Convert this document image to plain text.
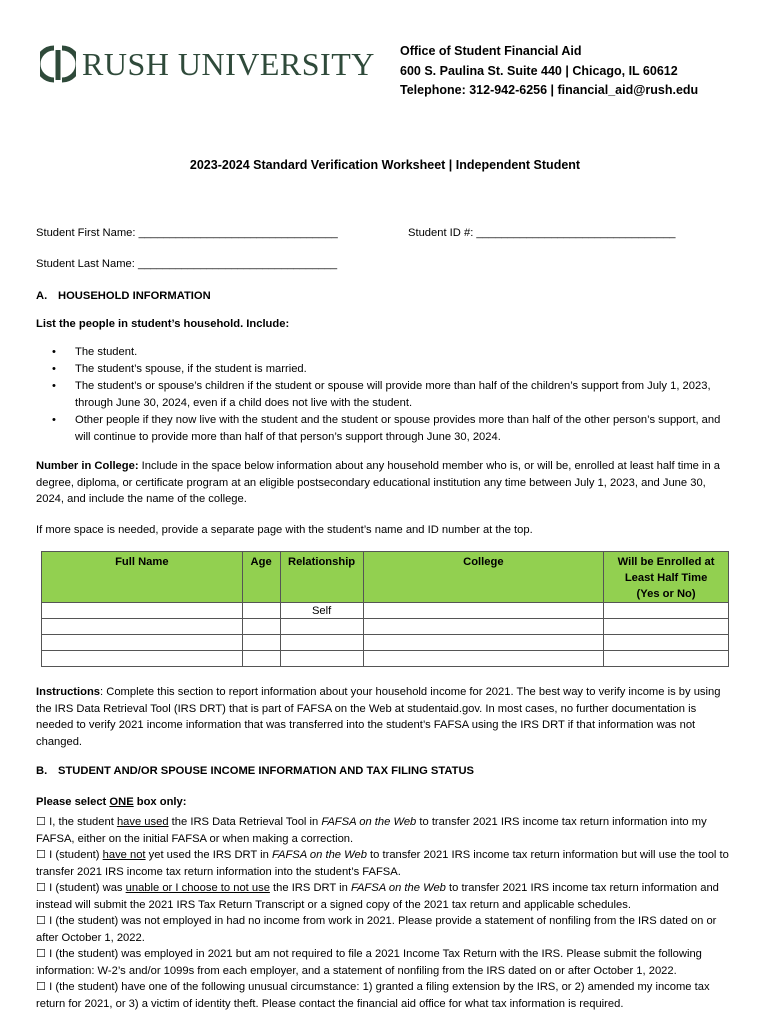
RUSH UNIVERSITY Office of Student Financial Aid
600 S. Paulina St. Suite 440 | Chicago, IL 60612
Telephone: 312-942-6256 | financial_aid@rush.edu
2023-2024 Standard Verification Worksheet | Independent Student
Student First Name: ________________________________	Student ID #: ________________________________
Student Last Name: ________________________________
A. HOUSEHOLD INFORMATION
List the people in student’s household. Include:
• The student.
• The student’s spouse, if the student is married.
• The student’s or spouse’s children if the student or spouse will provide more than half of the children’s support from July 1, 2023, through June 30, 2024, even if a child does not live with the student.
• Other people if they now live with the student and the student or spouse provides more than half of the other person’s support, and will continue to provide more than half of that person’s support through June 30, 2024.
Number in College: Include in the space below information about any household member who is, or will be, enrolled at least half time in a degree, diploma, or certificate program at an eligible postsecondary educational institution any time between July 1, 2023, and June 30, 2024, and include the name of the college.
If more space is needed, provide a separate page with the student’s name and ID number at the top.
Full Name	Age	Relationship	College	Will be Enrolled at
Least Half Time
(Yes or No)

		Self		

Instructions: Complete this section to report information about your household income for 2021. The best way to verify income is by using the IRS Data Retrieval Tool (IRS DRT) that is part of FAFSA on the Web at studentaid.gov. In most cases, no further documentation is needed to verify 2021 income information that was transferred into the student’s FAFSA using the IRS DRT if that information was not changed.
B. STUDENT AND/OR SPOUSE INCOME INFORMATION AND TAX FILING STATUS
Please select ONE box only:
☐ I, the student have used the IRS Data Retrieval Tool in FAFSA on the Web to transfer 2021 IRS income tax return information into my FAFSA, either on the initial FAFSA or when making a correction.
☐ I (student) have not yet used the IRS DRT in FAFSA on the Web to transfer 2021 IRS income tax return information but will use the tool to transfer 2021 IRS income tax return information into the student’s FAFSA.
☐ I (student) was unable or I choose to not use the IRS DRT in FAFSA on the Web to transfer 2021 IRS income tax return information and instead will submit the 2021 IRS Tax Return Transcript or a signed copy of the 2021 tax return and applicable schedules.
☐ I (the student) was not employed in had no income from work in 2021. Please provide a statement of nonfiling from the IRS dated on or after October 1, 2022.
☐ I (the student) was employed in 2021 but am not required to file a 2021 Income Tax Return with the IRS. Please submit the following information: W-2’s and/or 1099s from each employer, and a statement of nonfiling from the IRS dated on or after October 1, 2022.
☐ I (the student) have one of the following unusual circumstance: 1) granted a filing extension by the IRS, or 2) amended my income tax return for 2021, or 3) a victim of identity theft. Please contact the financial aid office for what tax information is required.
